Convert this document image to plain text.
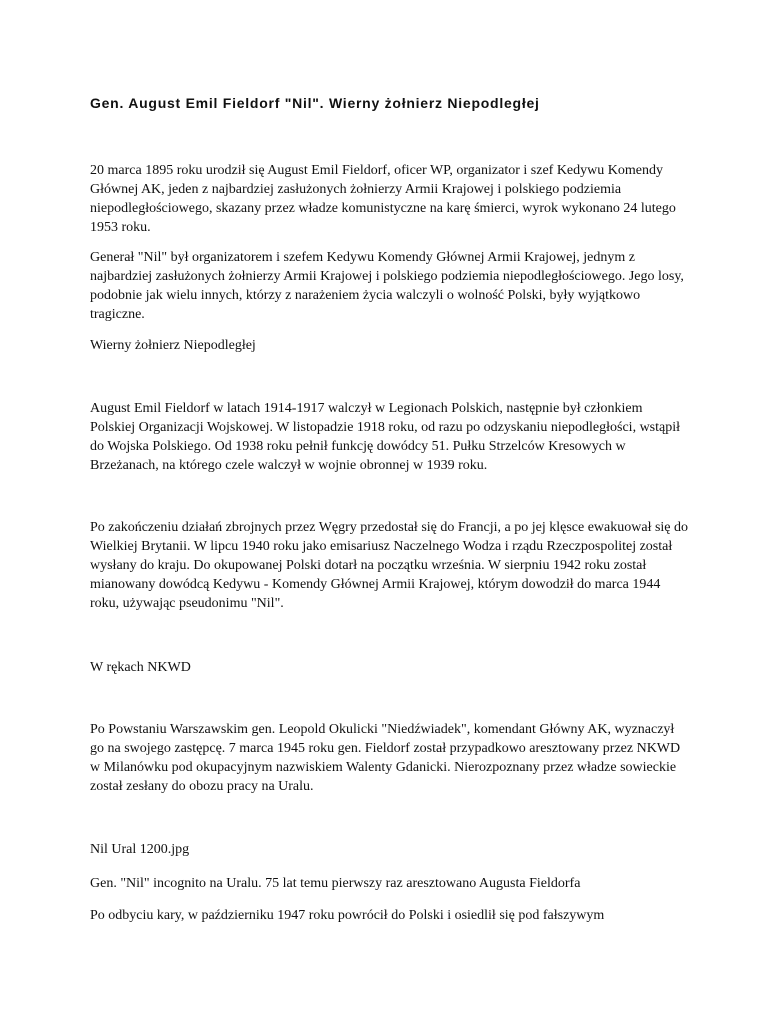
Gen. August Emil Fieldorf "Nil". Wierny żołnierz Niepodległej

20 marca 1895 roku urodził się August Emil Fieldorf, oficer WP, organizator i szef Kedywu Komendy Głównej AK, jeden z najbardziej zasłużonych żołnierzy Armii Krajowej i polskiego podziemia niepodległościowego, skazany przez władze komunistyczne na karę śmierci, wyrok wykonano 24 lutego 1953 roku.

Generał "Nil" był organizatorem i szefem Kedywu Komendy Głównej Armii Krajowej, jednym z najbardziej zasłużonych żołnierzy Armii Krajowej i polskiego podziemia niepodległościowego. Jego losy, podobnie jak wielu innych, którzy z narażeniem życia walczyli o wolność Polski, były wyjątkowo tragiczne.

Wierny żołnierz Niepodległej

August Emil Fieldorf w latach 1914-1917 walczył w Legionach Polskich, następnie był członkiem Polskiej Organizacji Wojskowej. W listopadzie 1918 roku, od razu po odzyskaniu niepodległości, wstąpił do Wojska Polskiego. Od 1938 roku pełnił funkcję dowódcy 51. Pułku Strzelców Kresowych w Brzeżanach, na którego czele walczył w wojnie obronnej w 1939 roku.

Po zakończeniu działań zbrojnych przez Węgry przedostał się do Francji, a po jej klęsce ewakuował się do Wielkiej Brytanii. W lipcu 1940 roku jako emisariusz Naczelnego Wodza i rządu Rzeczpospolitej został wysłany do kraju. Do okupowanej Polski dotarł na początku września. W sierpniu 1942 roku został mianowany dowódcą Kedywu - Komendy Głównej Armii Krajowej, którym dowodził do marca 1944 roku, używając pseudonimu "Nil".

W rękach NKWD

Po Powstaniu Warszawskim gen. Leopold Okulicki "Niedźwiadek", komendant Główny AK, wyznaczył go na swojego zastępcę. 7 marca 1945 roku gen. Fieldorf został przypadkowo aresztowany przez NKWD w Milanówku pod okupacyjnym nazwiskiem Walenty Gdanicki. Nierozpoznany przez władze sowieckie został zesłany do obozu pracy na Uralu.

Nil Ural 1200.jpg

Gen. "Nil" incognito na Uralu. 75 lat temu pierwszy raz aresztowano Augusta Fieldorfa

Po odbyciu kary, w październiku 1947 roku powrócił do Polski i osiedlił się pod fałszywym
